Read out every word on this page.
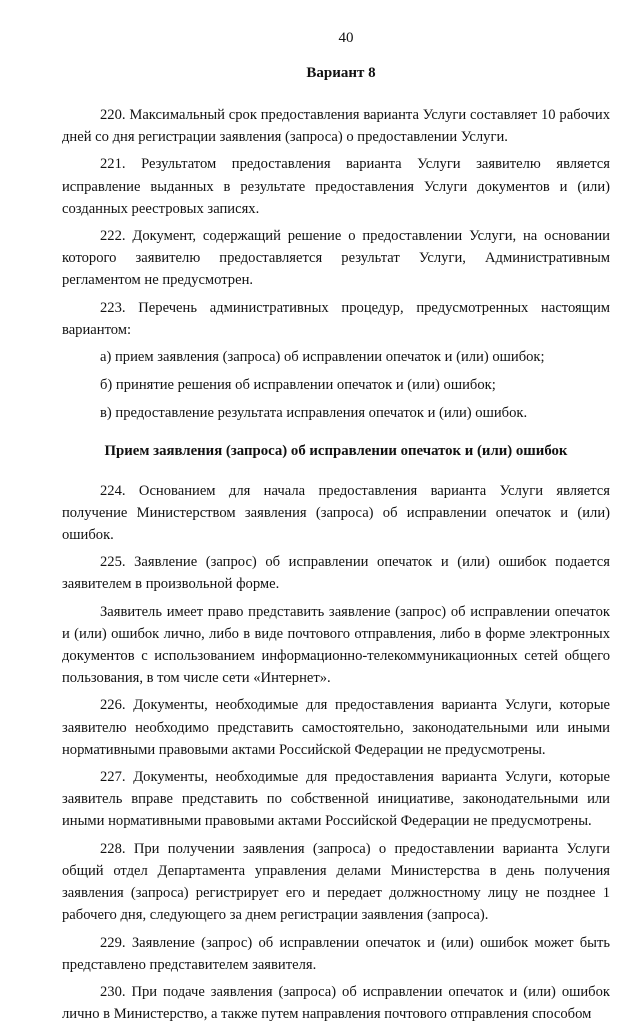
40
Вариант 8

220. Максимальный срок предоставления варианта Услуги составляет 10 рабочих дней со дня регистрации заявления (запроса) о предоставлении Услуги.

221. Результатом предоставления варианта Услуги заявителю является исправление выданных в результате предоставления Услуги документов и (или) созданных реестровых записях.

222. Документ, содержащий решение о предоставлении Услуги, на основании которого заявителю предоставляется результат Услуги, Административным регламентом не предусмотрен.

223. Перечень административных процедур, предусмотренных настоящим вариантом:

а) прием заявления (запроса) об исправлении опечаток и (или) ошибок;

б) принятие решения об исправлении опечаток и (или) ошибок;

в) предоставление результата исправления опечаток и (или) ошибок.

Прием заявления (запроса) об исправлении опечаток и (или) ошибок

224. Основанием для начала предоставления варианта Услуги является получение Министерством заявления (запроса) об исправлении опечаток и (или) ошибок.

225. Заявление (запрос) об исправлении опечаток и (или) ошибок подается заявителем в произвольной форме.

Заявитель имеет право представить заявление (запрос) об исправлении опечаток и (или) ошибок лично, либо в виде почтового отправления, либо в форме электронных документов с использованием информационно-телекоммуникационных сетей общего пользования, в том числе сети «Интернет».

226. Документы, необходимые для предоставления варианта Услуги, которые заявителю необходимо представить самостоятельно, законодательными или иными нормативными правовыми актами Российской Федерации не предусмотрены.

227. Документы, необходимые для предоставления варианта Услуги, которые заявитель вправе представить по собственной инициативе, законодательными или иными нормативными правовыми актами Российской Федерации не предусмотрены.

228. При получении заявления (запроса) о предоставлении варианта Услуги общий отдел Департамента управления делами Министерства в день получения заявления (запроса) регистрирует его и передает должностному лицу не позднее 1 рабочего дня, следующего за днем регистрации заявления (запроса).

229. Заявление (запрос) об исправлении опечаток и (или) ошибок может быть представлено представителем заявителя.

230. При подаче заявления (запроса) об исправлении опечаток и (или) ошибок лично в Министерство, а также путем направления почтового отправления способом
